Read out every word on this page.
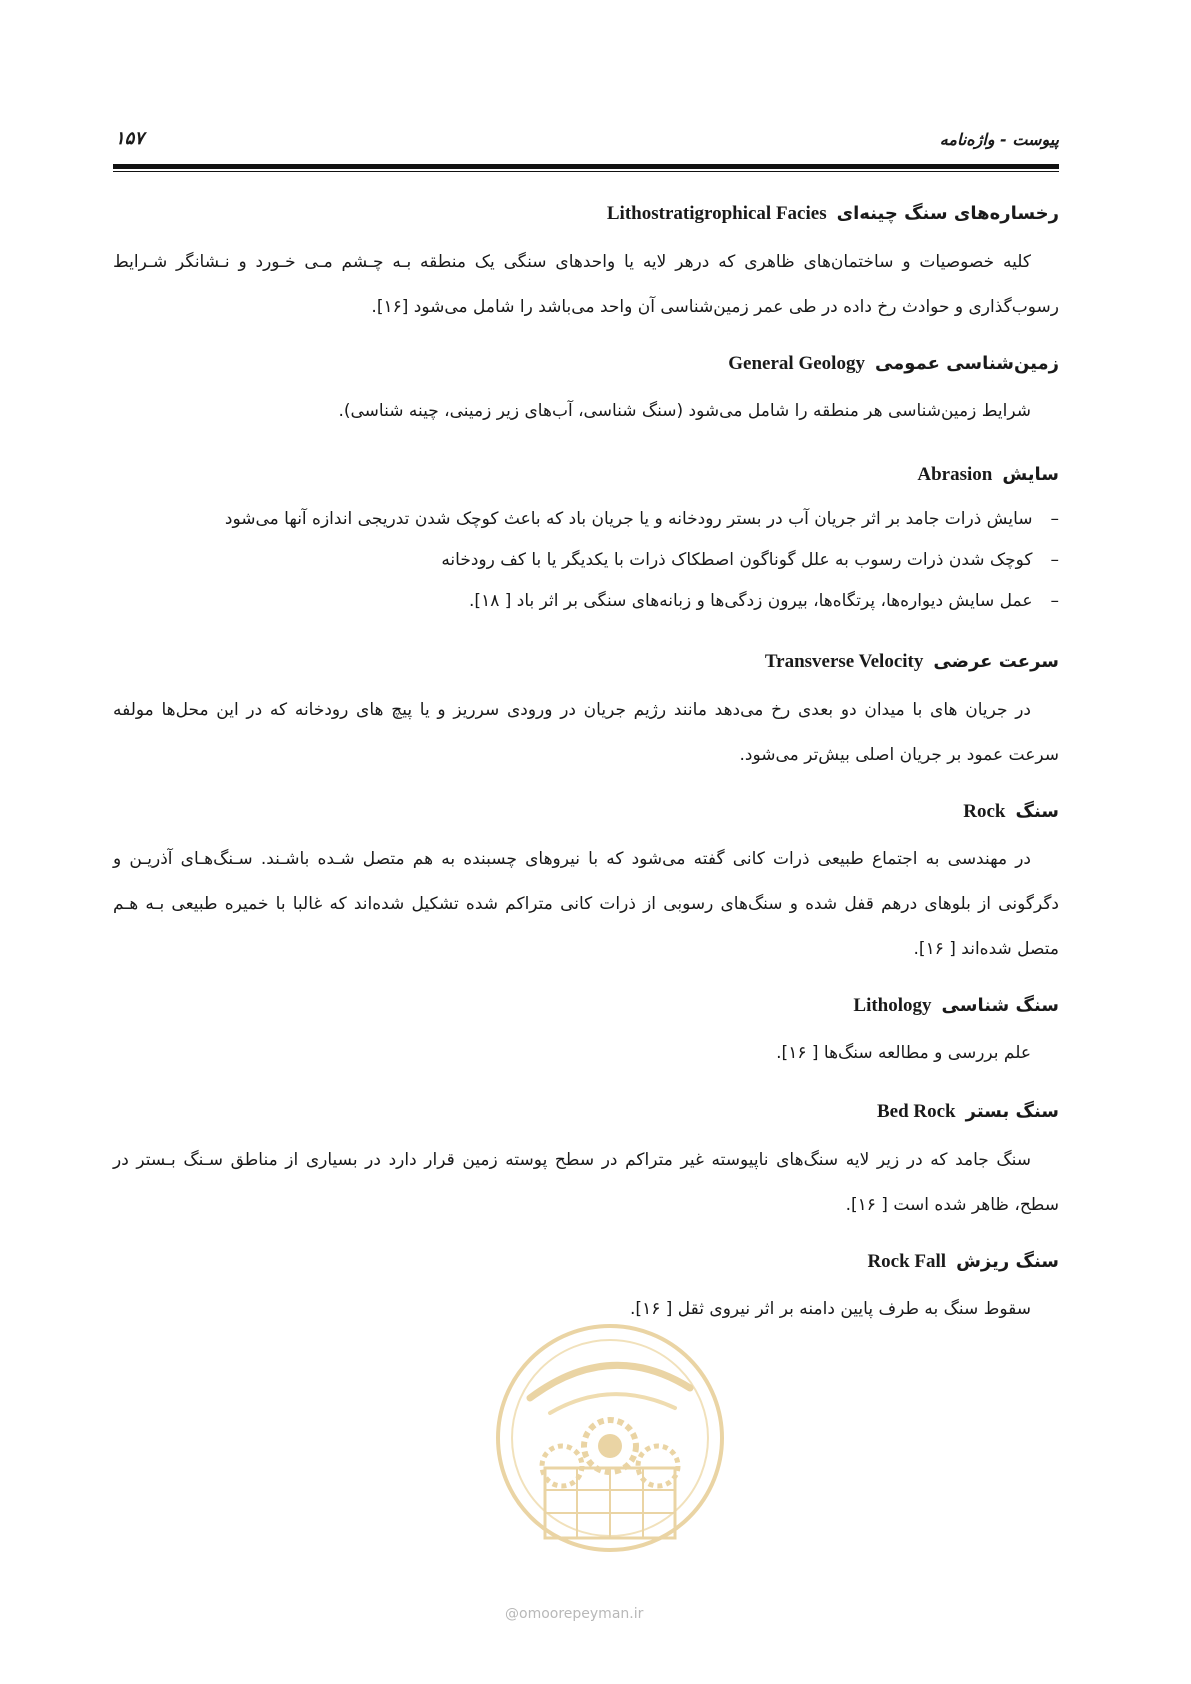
پیوست - واژه‌نامه
۱۵۷
رخساره‌های سنگ چینه‌ایLithostratigrophical Facies
کلیه خصوصیات و ساختمان‌های ظاهری که درهر لایه یا واحدهای سنگی یک منطقه بـه چـشم مـی خـورد و نـشانگر شـرایط
رسوب‌گذاری و حوادث رخ داده در طی عمر زمین‌شناسی آن واحد می‌باشد را شامل می‌شود [۱۶].
زمین‌شناسی عمومیGeneral Geology
شرایط زمین‌شناسی هر منطقه را شامل می‌شود (سنگ شناسی، آب‌های زیر زمینی، چینه شناسی).
سایشAbrasion
–سایش ذرات جامد بر اثر جریان آب در بستر رودخانه و یا جریان باد که باعث کوچک شدن تدریجی اندازه آنها می‌شود
–کوچک شدن ذرات رسوب به علل گوناگون اصطکاک ذرات با یکدیگر یا با کف رودخانه
–عمل سایش دیواره‌ها، پرتگاه‌ها، بیرون زدگی‌ها و زبانه‌های سنگی بر اثر باد [ ۱۸].
سرعت عرضیTransverse Velocity
در جریان های با میدان دو بعدی رخ می‌دهد مانند رژیم جریان در ورودی سرریز و یا پیچ های رودخانه که در این محل‌ها مولفه
سرعت عمود بر جریان اصلی بیش‌تر می‌شود.
سنگRock
در مهندسی به اجتماع طبیعی ذرات کانی گفته می‌شود که با نیروهای چسبنده به هم متصل شـده باشـند. سـنگ‌هـای آذریـن و
دگرگونی از بلوهای درهم قفل شده و سنگ‌های رسوبی از ذرات کانی متراکم شده تشکیل شده‌اند که غالبا با خمیره طبیعی بـه هـم
متصل شده‌اند [ ۱۶].
سنگ شناسیLithology
علم بررسی و مطالعه سنگ‌ها [ ۱۶].
سنگ بسترBed Rock
سنگ جامد که در زیر لایه سنگ‌های ناپیوسته غیر متراکم در سطح پوسته زمین قرار دارد در بسیاری از مناطق سـنگ بـستر در
سطح، ظاهر شده است [ ۱۶].
سنگ ریزشRock Fall
سقوط سنگ به طرف پایین دامنه بر اثر نیروی ثقل [ ۱۶].
@omoorepeyman.ir
